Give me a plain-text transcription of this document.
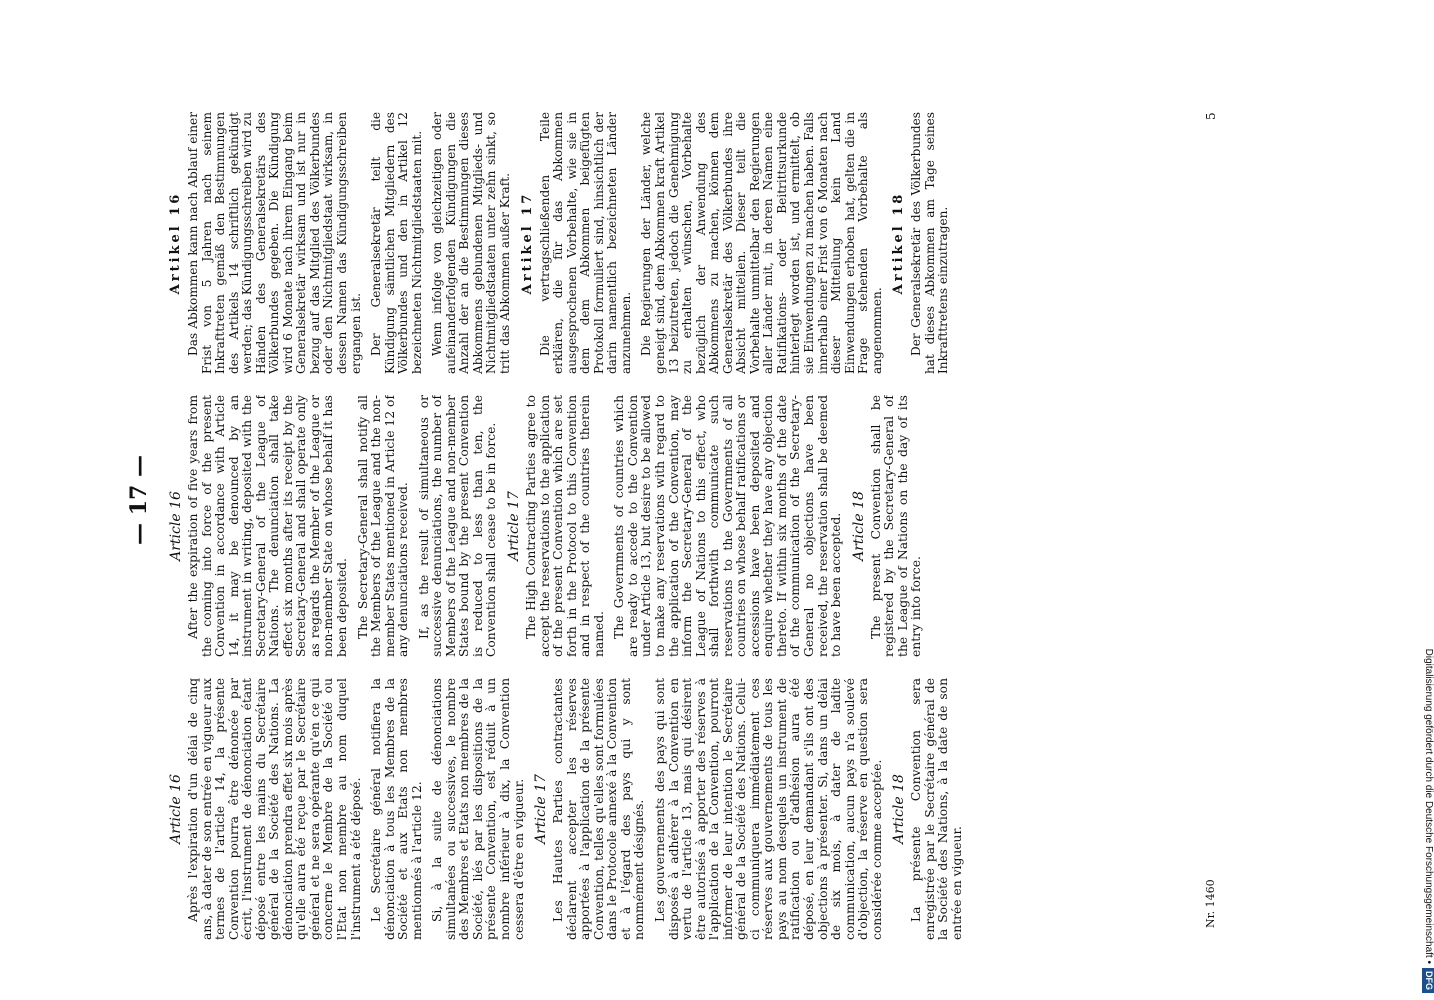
— 17 —
Article 16 Après l'expiration d'un délai de cinq ans, à dater de son entrée en vigueur aux termes de l'article 14, la présente Convention pourra être dénoncée par écrit, l'instrument de dénonciation étant déposé entre les mains du Secrétaire général de la Société des Nations. La dénonciation prendra effet six mois après qu'elle aura été reçue par le Secrétaire général et ne sera opérante qu'en ce qui concerne le Membre de la Société ou l'Etat non membre au nom duquel l'instrument a été déposé. Le Secrétaire général notifiera la dénonciation à tous les Membres de la Société et aux Etats non membres mentionnés à l'article 12. Si, à la suite de dénonciations simultanées ou successives, le nombre des Membres et Etats non membres de la Société, liés par les dispositions de la présente Convention, est réduit à un nombre inférieur à dix, la Convention cessera d'être en vigueur. Article 17 Les Hautes Parties contractantes déclarent accepter les réserves apportées à l'application de la présente Convention, telles qu'elles sont formulées dans le Protocole annexé à la Convention et à l'égard des pays qui y sont nommément désignés. Les gouvernements des pays qui sont disposés à adhérer à la Convention en vertu de l'article 13, mais qui désirent être autorisés à apporter des réserves à l'application de la Convention, pourront informer de leur intention le Secrétaire général de la Société des Nations. Celui-ci communiquera immédiatement ces réserves aux gouvernements de tous les pays au nom desquels un instrument de ratification ou d'adhésion aura été déposé, en leur demandant s'ils ont des objections à présenter. Si, dans un délai de six mois, à dater de ladite communication, aucun pays n'a soulevé d'objection, la réserve en question sera considérée comme acceptée. Article 18 La présente Convention sera enregistrée par le Secrétaire général de la Société des Nations, à la date de son entrée en vigueur.

Article 16 After the expiration of five years from the coming into force of the present Convention in accordance with Article 14, it may be denounced by an instrument in writing, deposited with the Secretary-General of the League of Nations. The denunciation shall take effect six months after its receipt by the Secretary-General and shall operate only as regards the Member of the League or non-member State on whose behalf it has been deposited. The Secretary-General shall notify all the Members of the League and the non-member States mentioned in Article 12 of any denunciations received. If, as the result of simultaneous or successive denunciations, the number of Members of the League and non-member States bound by the present Convention is reduced to less than ten, the Convention shall cease to be in force. Article 17 The High Contracting Parties agree to accept the reservations to the application of the present Convention which are set forth in the Protocol to this Convention and in respect of the countries therein named. The Governments of countries which are ready to accede to the Convention under Article 13, but desire to be allowed to make any reservations with regard to the application of the Convention, may inform the Secretary-General of the League of Nations to this effect, who shall forthwith communicate such reservations to the Governments of all countries on whose behalf ratifications or accessions have been deposited and enquire whether they have any objection thereto. If within six months of the date of the communication of the Secretary-General no objections have been received, the reservation shall be deemed to have been accepted. Article 18 The present Convention shall be registered by the Secretary-General of the League of Nations on the day of its entry into force.

Artikel 16 Das Abkommen kann nach Ablauf einer Frist von 5 Jahren nach seinem Inkrafttreten gemäß den Bestimmungen des Artikels 14 schriftlich gekündigt werden; das Kündigungsschreiben wird zu Händen des Generalsekretärs des Völkerbundes gegeben. Die Kündigung wird 6 Monate nach ihrem Eingang beim Generalsekretär wirksam und ist nur in bezug auf das Mitglied des Völkerbundes oder den Nichtmitgliedstaat wirksam, in dessen Namen das Kündigungsschreiben ergangen ist. Der Generalsekretär teilt die Kündigung sämtlichen Mitgliedern des Völkerbundes und den in Artikel 12 bezeichneten Nichtmitgliedstaaten mit. Wenn infolge von gleichzeitigen oder aufeinanderfolgenden Kündigungen die Anzahl der an die Bestimmungen dieses Abkommens gebundenen Mitglieds- und Nichtmitgliedstaaten unter zehn sinkt, so tritt das Abkommen außer Kraft. Artikel 17 Die vertragschließenden Teile erklären, die für das Abkommen ausgesprochenen Vorbehalte, wie sie in dem dem Abkommen beigefügten Protokoll formuliert sind, hinsichtlich der darin namentlich bezeichneten Länder anzunehmen. Die Regierungen der Länder, welche geneigt sind, dem Abkommen kraft Artikel 13 beizutreten, jedoch die Genehmigung zu erhalten wünschen, Vorbehalte bezüglich der Anwendung des Abkommens zu machen, können dem Generalsekretär des Völkerbundes ihre Absicht mitteilen. Dieser teilt die Vorbehalte unmittelbar den Regierungen aller Länder mit, in deren Namen eine Ratifikations- oder Beitrittsurkunde hinterlegt worden ist, und ermittelt, ob sie Einwendungen zu machen haben. Falls innerhalb einer Frist von 6 Monaten nach dieser Mitteilung kein Land Einwendungen erhoben hat, gelten die in Frage stehenden Vorbehalte als angenommen.

Artikel 18 Der Generalsekretär des Völkerbundes hat dieses Abkommen am Tage seines Inkrafttretens einzutragen.

Nr. 1460
5
Digitalisierung gefördert durch die Deutsche Forschungsgemeinschaft •DFG
